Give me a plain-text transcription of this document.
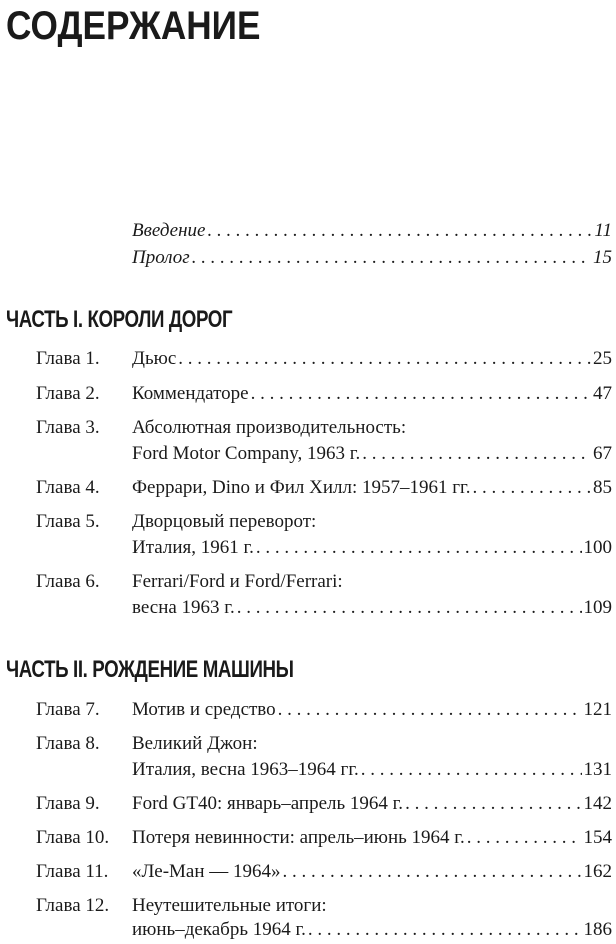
СОДЕРЖАНИЕ
Введение . . .	11
Пролог . . .	15
ЧАСТЬ I. КОРОЛИ ДОРОГ
Глава 1. Дьюс . . .	25
Глава 2. Коммендаторе . . .	47
Глава 3. Абсолютная производительность:
Ford Motor Company, 1963 г. . . .	67
Глава 4. Феррари, Dino и Фил Хилл: 1957–1961 гг. . . .	85
Глава 5. Дворцовый переворот:
Италия, 1961 г. . . .	100
Глава 6. Ferrari/Ford и Ford/Ferrari:
весна 1963 г. . . .	109
ЧАСТЬ II. РОЖДЕНИЕ МАШИНЫ
Глава 7. Мотив и средство . . .	121
Глава 8. Великий Джон:
Италия, весна 1963–1964 гг. . . .	131
Глава 9. Ford GT40: январь–апрель 1964 г. . . .	142
Глава 10. Потеря невинности: апрель–июнь 1964 г. . . .	154
Глава 11. «Ле-Ман — 1964» . . .	162
Глава 12. Неутешительные итоги:
июнь–декабрь 1964 г. . . .	186
